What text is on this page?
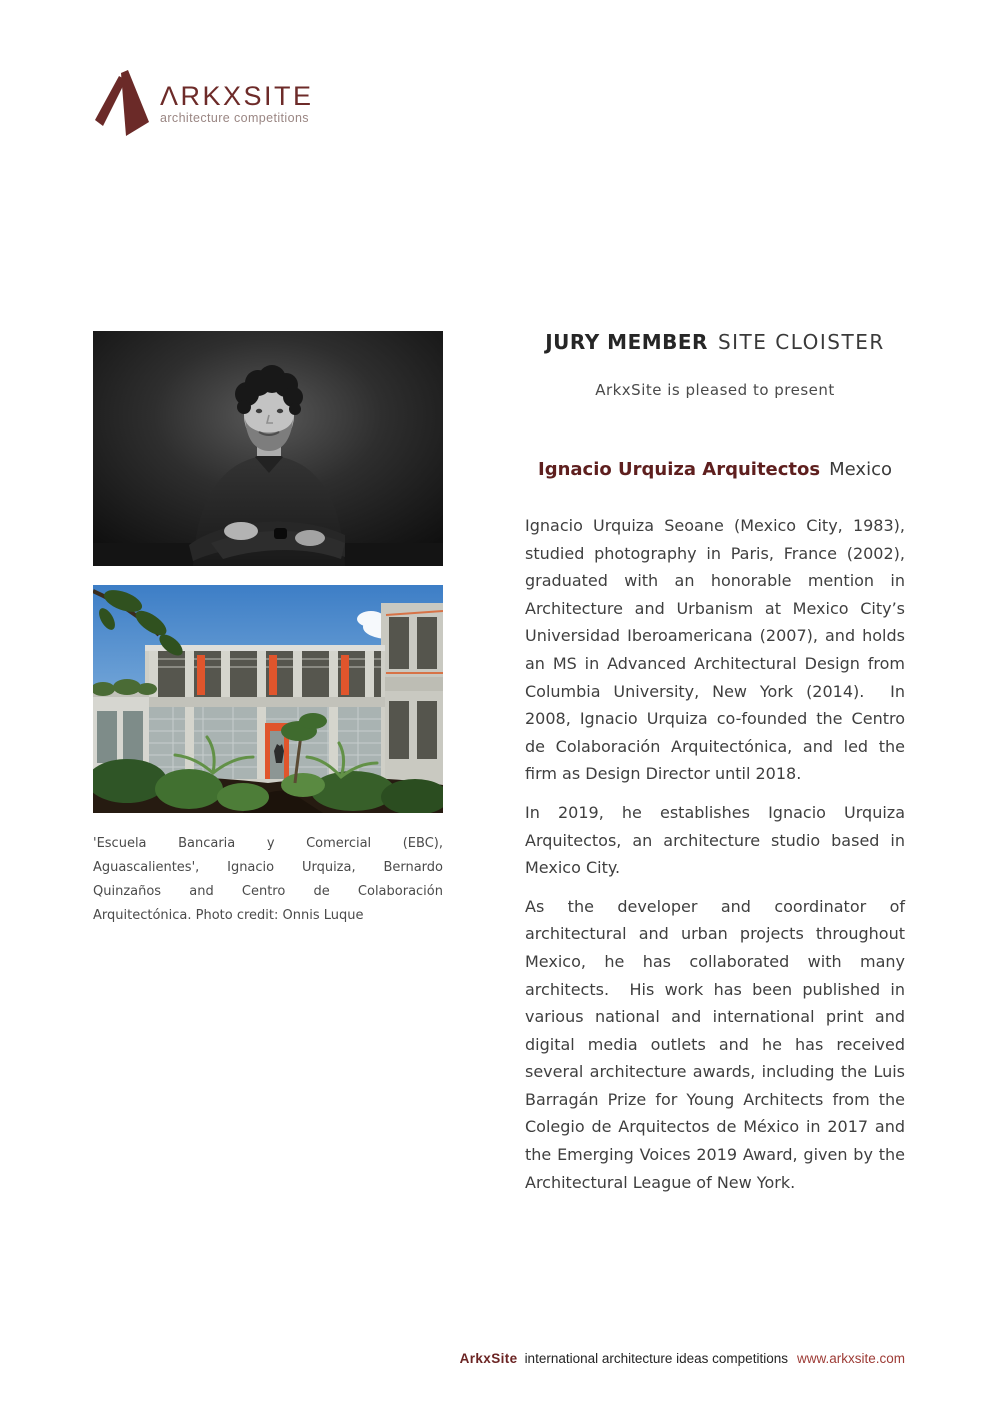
ΛRKXSITE
architecture competitions
'Escuela Bancaria y Comercial (EBC), Aguascalientes', Ignacio Urquiza, Bernardo Quinzaños and Centro de Colaboración Arquitectónica. Photo credit: Onnis Luque
JURY MEMBER SITE CLOISTER
ArkxSite is pleased to present
Ignacio Urquiza Arquitectos Mexico

Ignacio Urquiza Seoane (Mexico City, 1983), studied photography in Paris, France (2002), graduated with an honorable mention in Architecture and Urbanism at Mexico City’s Universidad Iberoamericana (2007), and holds an MS in Advanced Architectural Design from Columbia University, New York (2014).  In 2008, Ignacio Urquiza co-founded the Centro de Colaboración Arquitectónica, and led the firm as Design Director until 2018.

In 2019, he establishes Ignacio Urquiza Arquitectos, an architecture studio based in Mexico City.

As the developer and coordinator of architectural and urban projects throughout Mexico, he has collaborated with many architects.  His work has been published in various national and international print and digital media outlets and he has received several architecture awards, including the Luis Barragán Prize for Young Architects from the Colegio de Arquitectos de México in 2017 and the Emerging Voices 2019 Award, given by the Architectural League of New York.

ArkxSite international architecture ideas competitions www.arkxsite.com
